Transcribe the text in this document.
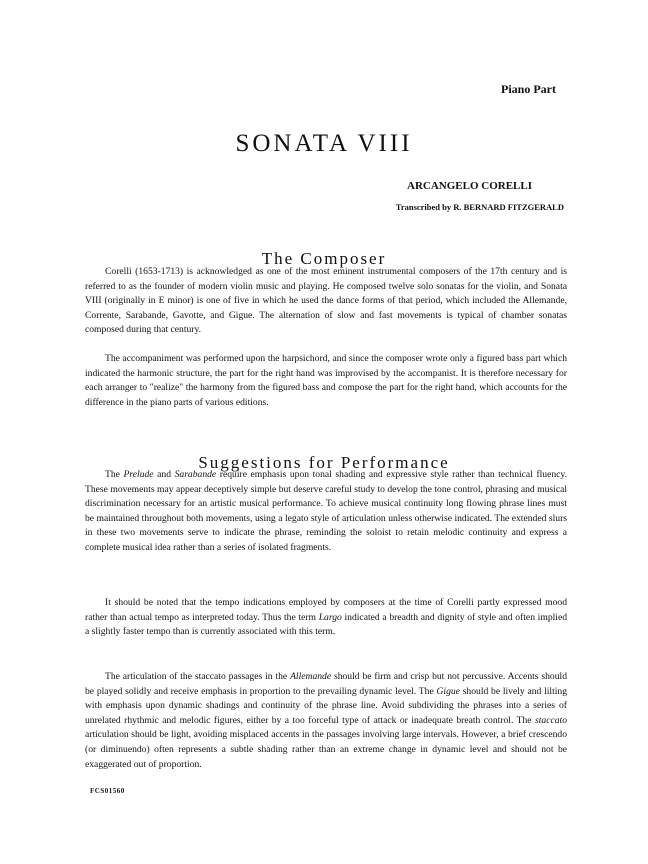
Piano Part
SONATA VIII
ARCANGELO CORELLI
Transcribed by R. BERNARD FITZGERALD
The Composer

Corelli (1653-1713) is acknowledged as one of the most eminent instrumental composers of the 17th century and is referred to as the founder of modern violin music and playing. He composed twelve solo sonatas for the violin, and Sonata VIII (originally in E minor) is one of five in which he used the dance forms of that period, which included the Allemande, Corrente, Sarabande, Gavotte, and Gigue. The alternation of slow and fast movements is typical of chamber sonatas composed during that century.

The accompaniment was performed upon the harpsichord, and since the composer wrote only a figured bass part which indicated the harmonic structure, the part for the right hand was improvised by the accompanist. It is therefore necessary for each arranger to "realize" the harmony from the figured bass and compose the part for the right hand, which accounts for the difference in the piano parts of various editions.

Suggestions for Performance

The Prelude and Sarabande require emphasis upon tonal shading and expressive style rather than technical fluency. These movements may appear deceptively simple but deserve careful study to develop the tone control, phrasing and musical discrimination necessary for an artistic musical performance. To achieve musical continuity long flowing phrase lines must be maintained throughout both movements, using a legato style of articulation unless otherwise indicated. The extended slurs in these two movements serve to indicate the phrase, reminding the soloist to retain melodic continuity and express a complete musical idea rather than a series of isolated fragments.

It should be noted that the tempo indications employed by composers at the time of Corelli partly expressed mood rather than actual tempo as interpreted today. Thus the term Largo indicated a breadth and dignity of style and often implied a slightly faster tempo than is currently associated with this term.

The articulation of the staccato passages in the Allemande should be firm and crisp but not percussive. Accents should be played solidly and receive emphasis in proportion to the prevailing dynamic level. The Gigue should be lively and lilting with emphasis upon dynamic shadings and continuity of the phrase line. Avoid subdividing the phrases into a series of unrelated rhythmic and melodic figures, either by a too forceful type of attack or inadequate breath control. The staccato articulation should be light, avoiding misplaced accents in the passages involving large intervals. However, a brief crescendo (or diminuendo) often represents a subtle shading rather than an extreme change in dynamic level and should not be exaggerated out of proportion.

FCS01560
